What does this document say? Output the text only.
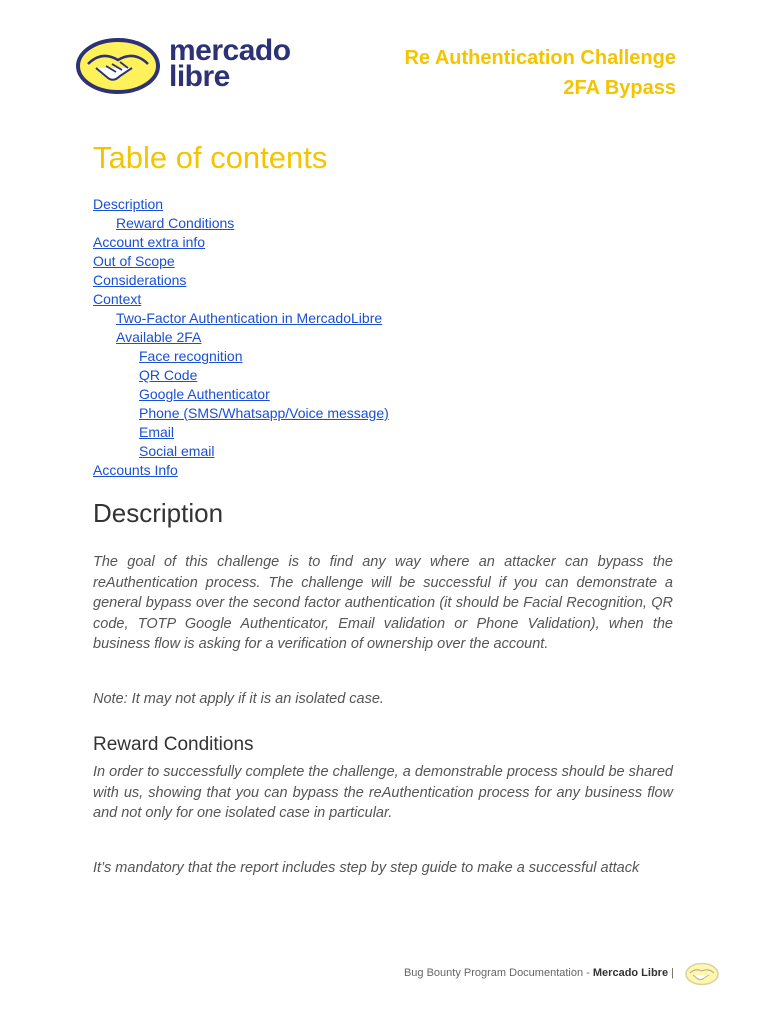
mercado
libre
Re Authentication Challenge
2FA Bypass
Table of contents
Description
Reward Conditions
Account extra info
Out of Scope
Considerations
Context
Two-Factor Authentication in MercadoLibre
Available 2FA
Face recognition
QR Code
Google Authenticator
Phone (SMS/Whatsapp/Voice message)
Email
Social email
Accounts Info
Description

The goal of this challenge is to find any way where an attacker can bypass the reAuthentication process. The challenge will be successful if you can demonstrate a general bypass over the second factor authentication (it should be Facial Recognition, QR code, TOTP Google Authenticator, Email validation or Phone Validation), when the business flow is asking for a verification of ownership over the account.

Note: It may not apply if it is an isolated case.

Reward Conditions

In order to successfully complete the challenge, a demonstrable process should be shared with us, showing that you can bypass the reAuthentication process for any business flow and not only for one isolated case in particular.

It’s mandatory that the report includes step by step guide to make a successful attack

Bug Bounty Program Documentation - Mercado Libre |
